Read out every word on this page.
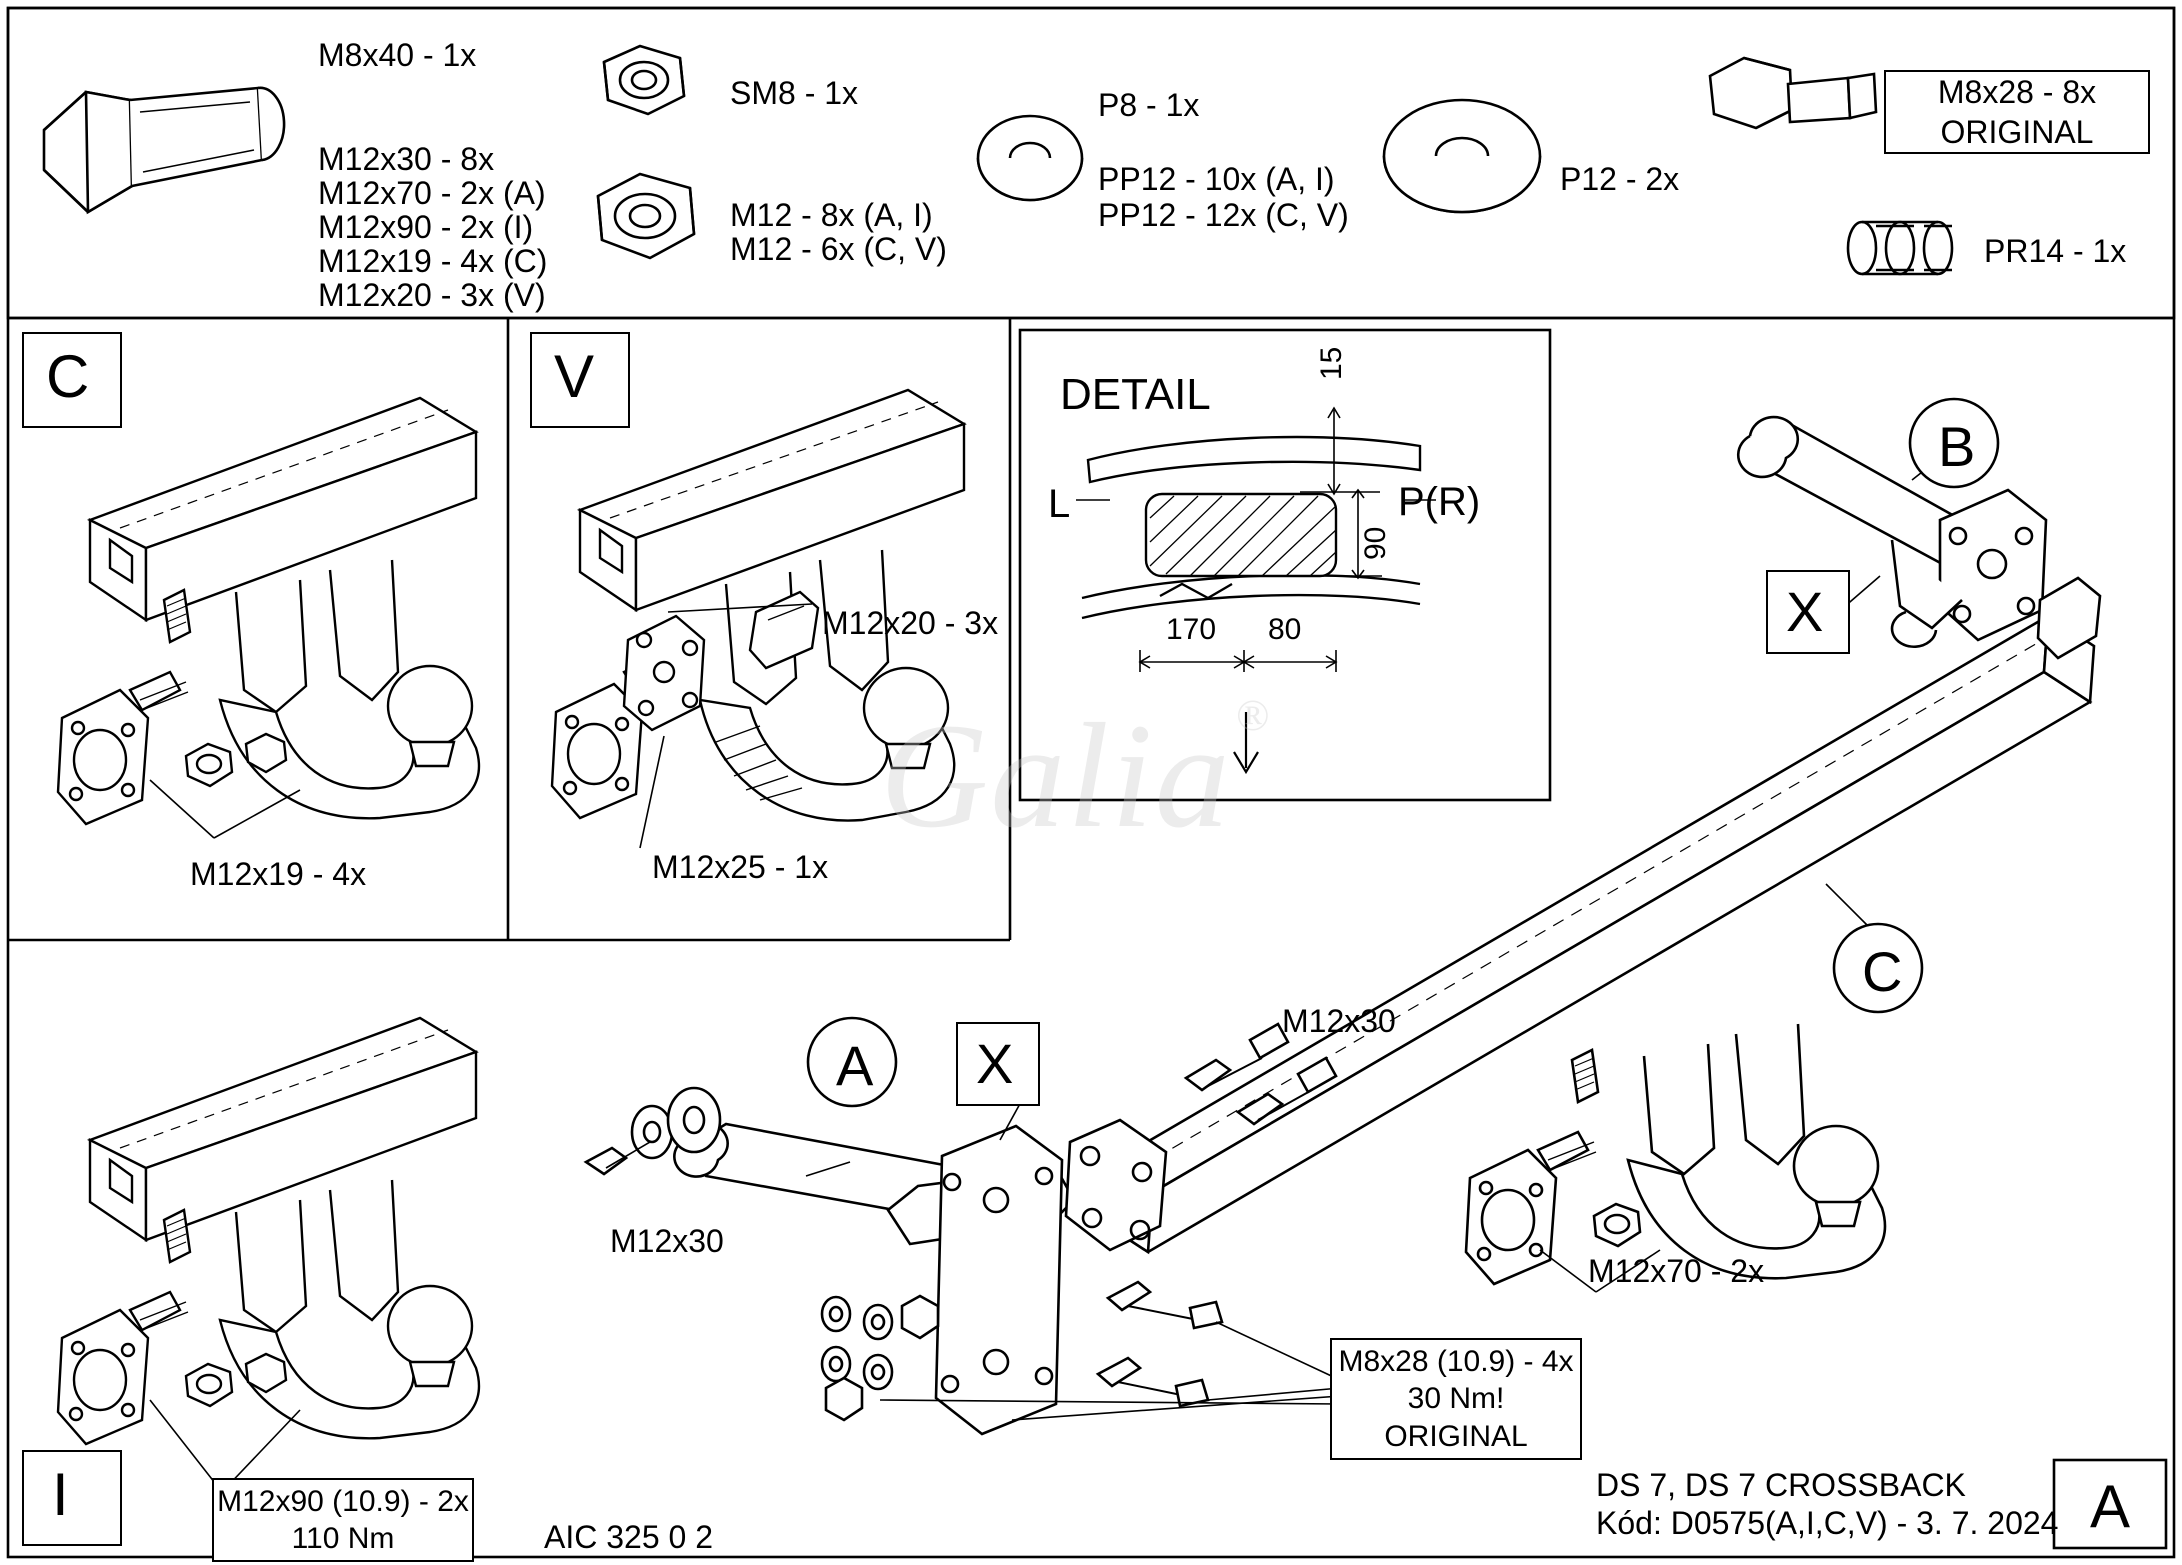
M8x40 - 1x
M12x30 - 8x
M12x70 - 2x (A)
M12x90 - 2x (I)
M12x19 - 4x (C)
M12x20 - 3x (V)
SM8 - 1x
M12 - 8x (A, I)
M12 - 6x (C, V)
P8 - 1x
PP12 - 10x (A, I)
PP12 - 12x (C, V)
P12 - 2x
M8x28 - 8x
ORIGINAL
PR14 - 1x
C	V
I
M12x19 - 4x
M12x20 - 3x
M12x25 - 1x
M12x90 (10.9) - 2x
110 Nm
DETAIL
L	P(R)
15
90
170 80
A
B
C
X
X
M12x30
M12x30
M12x70 - 2x
M8x28 (10.9) - 4x
30 Nm!
ORIGINAL
Galia ®
AIC 325 0 2
DS 7, DS 7 CROSSBACK
Kód: D0575(A,I,C,V) - 3. 7. 2024 A
